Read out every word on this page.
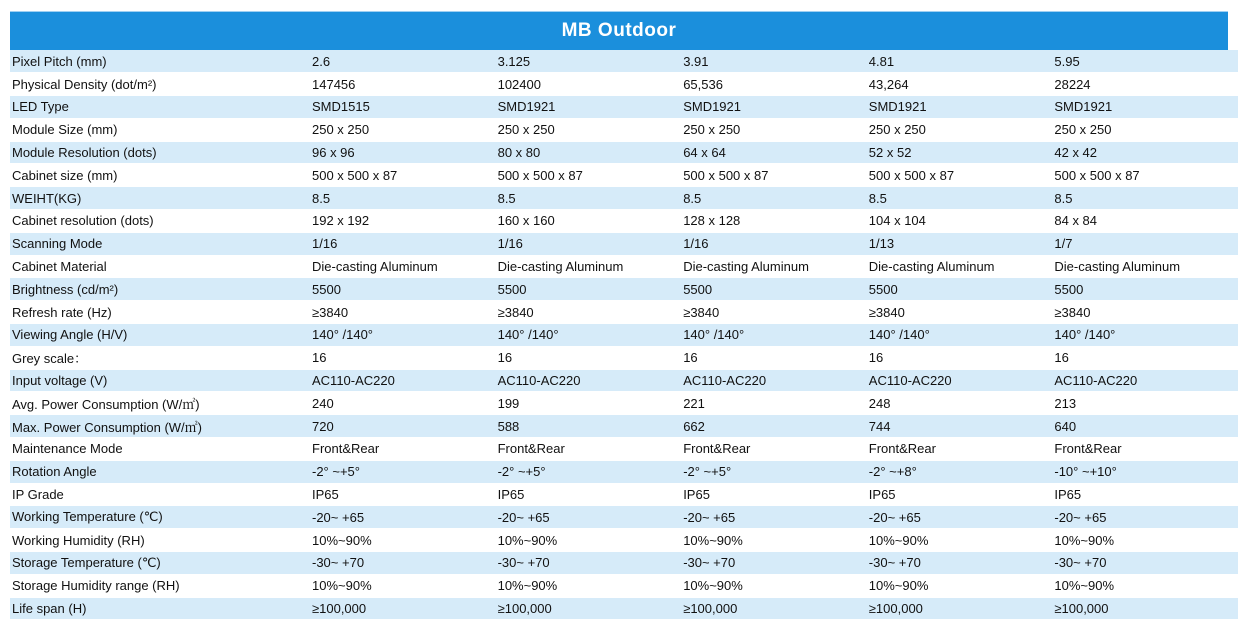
MB Outdoor
Pixel Pitch (mm)	2.6	3.125	3.91	4.81	5.95
Physical Density (dot/m²)	147456	102400	65,536	43,264	28224
LED Type	SMD1515	SMD1921	SMD1921	SMD1921	SMD1921
Module Size (mm)	250 x 250	250 x 250	250 x 250	250 x 250	250 x 250
Module Resolution (dots)	96 x 96	80 x 80	64 x 64	52 x 52	42 x 42
Cabinet size (mm)	500 x 500 x 87	500 x 500 x 87	500 x 500 x 87	500 x 500 x 87	500 x 500 x 87
WEIHT(KG)	8.5	8.5	8.5	8.5	8.5
Cabinet resolution (dots)	192 x 192	160 x 160	128 x 128	104 x 104	84 x 84
Scanning Mode	1/16	1/16	1/16	1/13	1/7
Cabinet Material	Die-casting Aluminum	Die-casting Aluminum	Die-casting Aluminum	Die-casting Aluminum	Die-casting Aluminum
Brightness (cd/m²)	5500	5500	5500	5500	5500
Refresh rate (Hz)	≥3840	≥3840	≥3840	≥3840	≥3840
Viewing Angle (H/V)	140° /140°	140° /140°	140° /140°	140° /140°	140° /140°
Grey scale：	16	16	16	16	16
Input voltage (V)	AC110-AC220	AC110-AC220	AC110-AC220	AC110-AC220	AC110-AC220
Avg. Power Consumption (W/㎡)	240	199	221	248	213
Max. Power Consumption (W/㎡)	720	588	662	744	640
Maintenance Mode	Front&Rear	Front&Rear	Front&Rear	Front&Rear	Front&Rear
Rotation Angle	-2° ~+5°	-2° ~+5°	-2° ~+5°	-2° ~+8°	-10° ~+10°
IP Grade	IP65	IP65	IP65	IP65	IP65
Working Temperature (℃)	-20~ +65	-20~ +65	-20~ +65	-20~ +65	-20~ +65
Working Humidity (RH)	10%~90%	10%~90%	10%~90%	10%~90%	10%~90%
Storage Temperature (℃)	-30~ +70	-30~ +70	-30~ +70	-30~ +70	-30~ +70
Storage Humidity range (RH)	10%~90%	10%~90%	10%~90%	10%~90%	10%~90%
Life span (H)	≥100,000	≥100,000	≥100,000	≥100,000	≥100,000
